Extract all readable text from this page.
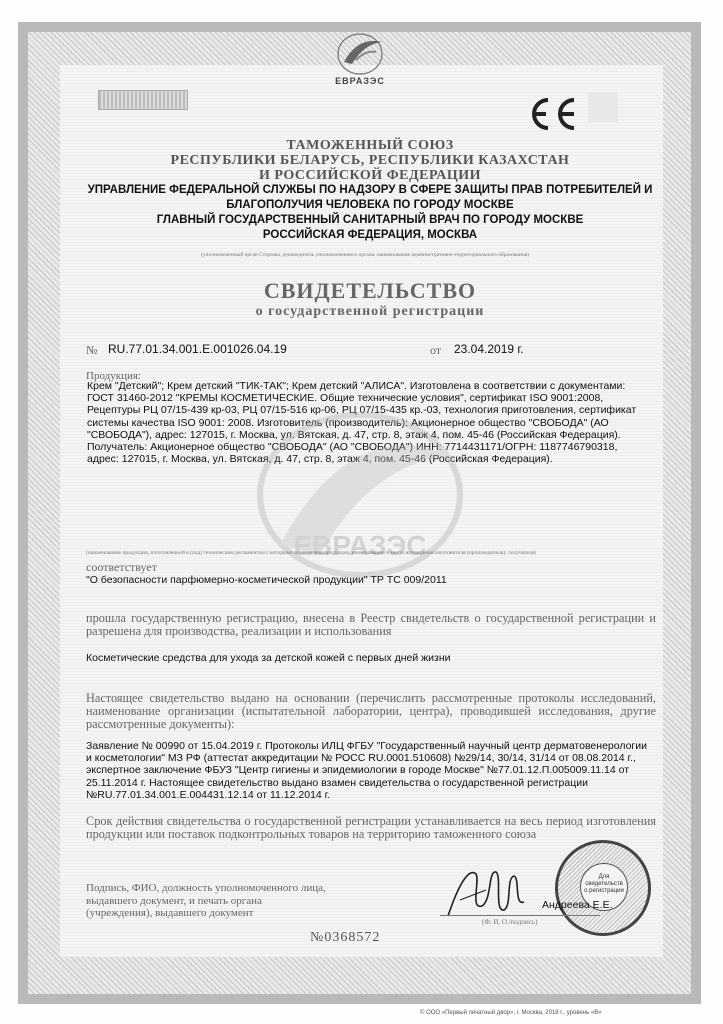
ЕВРАЗЭС
ТАМОЖЕННЫЙ СОЮЗ
РЕСПУБЛИКИ БЕЛАРУСЬ, РЕСПУБЛИКИ КАЗАХСТАН
И РОССИЙСКОЙ ФЕДЕРАЦИИ
УПРАВЛЕНИЕ ФЕДЕРАЛЬНОЙ СЛУЖБЫ ПО НАДЗОРУ В СФЕРЕ ЗАЩИТЫ ПРАВ ПОТРЕБИТЕЛЕЙ И
БЛАГОПОЛУЧИЯ ЧЕЛОВЕКА ПО ГОРОДУ МОСКВЕ
ГЛАВНЫЙ ГОСУДАРСТВЕННЫЙ САНИТАРНЫЙ ВРАЧ ПО ГОРОДУ МОСКВЕ
РОССИЙСКАЯ ФЕДЕРАЦИЯ, МОСКВА
(уполномоченный орган Стороны, руководитель уполномоченного органа, наименование административно-территориального образования)
СВИДЕТЕЛЬСТВО
о государственной регистрации
№ RU.77.01.34.001.Е.001026.04.19	от 23.04.2019 г.
Продукция:
Крем "Детский"; Крем детский "ТИК-ТАК"; Крем детский "АЛИСА". Изготовлена в соответствии с документами: ГОСТ 31460-2012 "КРЕМЫ КОСМЕТИЧЕСКИЕ. Общие технические условия", сертификат ISO 9001:2008, Рецептуры РЦ 07/15-439 кр-03, РЦ 07/15-516 кр-06, РЦ 07/15-435 кр.-03, технология приготовления, сертификат системы качества ISO 9001: 2008. Изготовитель (производитель): Акционерное общество "СВОБОДА" (АО "СВОБОДА"), адрес: 127015, г. Москва, ул. Вятская, д. 47, стр. 8, этаж 4, пом. 45-46 (Российская Федерация). Получатель: Акционерное общество "СВОБОДА" (АО "СВОБОДА") ИНН: 7714431171/ОГРН: 1187746790318, адрес: 127015, г. Москва, ул. Вятская, д. 47, стр. 8, этаж 4, пом. 45-46 (Российская Федерация).
ЕВРАЗЭС
(наименование продукции, изготовленной в (под) техническим регламентом с которыми изготовлена продукция, наименование и место нахождения изготовителя (производителя), получателя)
соответствует
"О безопасности парфюмерно-косметической продукции" ТР ТС 009/2011
прошла государственную регистрацию, внесена в Реестр свидетельств о государственной регистрации и разрешена для производства, реализации и использования
Косметические средства для ухода за детской кожей с первых дней жизни
Настоящее свидетельство выдано на основании (перечислить рассмотренные протоколы исследований, наименование организации (испытательной лаборатории, центра), проводившей исследования, другие рассмотренные документы):
Заявление № 00990 от 15.04.2019 г. Протоколы ИЛЦ ФГБУ "Государственный научный центр дерматовенерологии и косметологии" МЗ РФ (аттестат аккредитации № РОСС RU.0001.510608) №29/14, 30/14, 31/14 от 08.08.2014 г., экспертное заключение ФБУЗ "Центр гигиены и эпидемиологии в городе Москве" №77.01.12.П.005009.11.14 от 25.11.2014 г. Настоящее свидетельство выдано взамен свидетельства о государственной регистрации №RU.77.01.34.001.Е.004431.12.14 от 11.12.2014 г.
Срок действия свидетельства о государственной регистрации устанавливается на весь период изготовления продукции или поставок подконтрольных товаров на территорию таможенного союза
Подпись, ФИО, должность уполномоченного лица, выдавшего документ, и печать органа (учреждения), выдавшего документ
Для свидетельств о регистрации
Андреева Е.Е.
(Ф. И. О./подпись)
№0368572
© ООО «Первый печатный двор», г. Москва, 2018 г., уровень «В»
